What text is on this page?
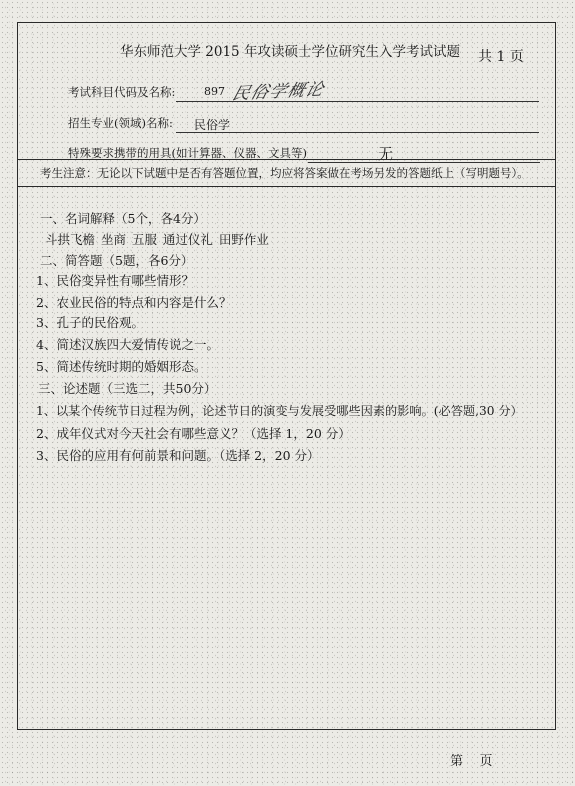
华东师范大学 2015 年攻读硕士学位研究生入学考试试题 共 1 页
考试科目代码及名称:	897 民俗学概论
招生专业(领域)名称: 民俗学
特殊要求携带的用具(如计算器、仪器、文具等)	无
考生注意：无论以下试题中是否有答题位置，均应将答案做在考场另发的答题纸上（写明题号）。
一、名词解释（5个，各4分）
斗拱飞檐 坐商 五服 通过仪礼 田野作业
二、简答题（5题，各6分）
1、民俗变异性有哪些情形？
2、农业民俗的特点和内容是什么？
3、孔子的民俗观。
4、简述汉族四大爱情传说之一。
5、简述传统时期的婚姻形态。
三、论述题（三选二，共50分）
1、以某个传统节日过程为例，论述节日的演变与发展受哪些因素的影响。(必答题,30 分）
2、成年仪式对今天社会有哪些意义？（选择 1，20 分）
3、民俗的应用有何前景和问题。（选择 2，20 分）
第    页
